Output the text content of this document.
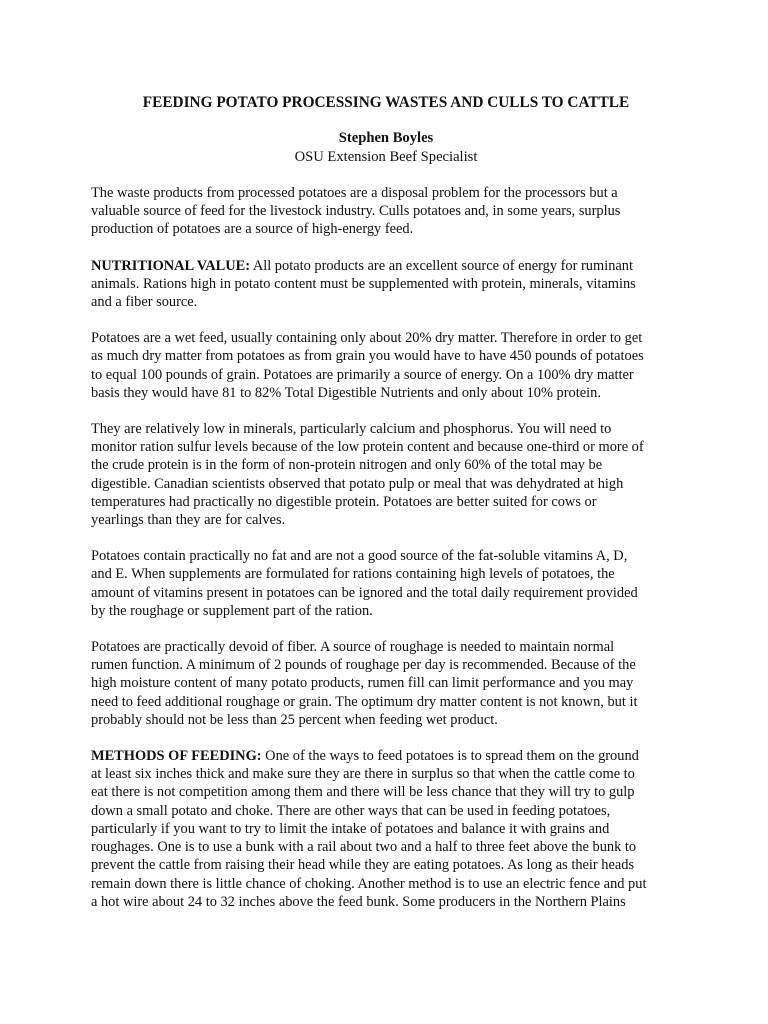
FEEDING POTATO PROCESSING WASTES AND CULLS TO CATTLE
Stephen Boyles
OSU Extension Beef Specialist

The waste products from processed potatoes are a disposal problem for the processors but a
valuable source of feed for the livestock industry. Culls potatoes and, in some years, surplus
production of potatoes are a source of high-energy feed.

NUTRITIONAL VALUE: All potato products are an excellent source of energy for ruminant
animals. Rations high in potato content must be supplemented with protein, minerals, vitamins
and a fiber source.

Potatoes are a wet feed, usually containing only about 20% dry matter. Therefore in order to get
as much dry matter from potatoes as from grain you would have to have 450 pounds of potatoes
to equal 100 pounds of grain. Potatoes are primarily a source of energy. On a 100% dry matter
basis they would have 81 to 82% Total Digestible Nutrients and only about 10% protein.

They are relatively low in minerals, particularly calcium and phosphorus. You will need to
monitor ration sulfur levels because of the low protein content and because one-third or more of
the crude protein is in the form of non-protein nitrogen and only 60% of the total may be
digestible. Canadian scientists observed that potato pulp or meal that was dehydrated at high
temperatures had practically no digestible protein. Potatoes are better suited for cows or
yearlings than they are for calves.

Potatoes contain practically no fat and are not a good source of the fat-soluble vitamins A, D,
and E. When supplements are formulated for rations containing high levels of potatoes, the
amount of vitamins present in potatoes can be ignored and the total daily requirement provided
by the roughage or supplement part of the ration.

Potatoes are practically devoid of fiber. A source of roughage is needed to maintain normal
rumen function. A minimum of 2 pounds of roughage per day is recommended. Because of the
high moisture content of many potato products, rumen fill can limit performance and you may
need to feed additional roughage or grain. The optimum dry matter content is not known, but it
probably should not be less than 25 percent when feeding wet product.

METHODS OF FEEDING: One of the ways to feed potatoes is to spread them on the ground
at least six inches thick and make sure they are there in surplus so that when the cattle come to
eat there is not competition among them and there will be less chance that they will try to gulp
down a small potato and choke. There are other ways that can be used in feeding potatoes,
particularly if you want to try to limit the intake of potatoes and balance it with grains and
roughages. One is to use a bunk with a rail about two and a half to three feet above the bunk to
prevent the cattle from raising their head while they are eating potatoes. As long as their heads
remain down there is little chance of choking. Another method is to use an electric fence and put
a hot wire about 24 to 32 inches above the feed bunk. Some producers in the Northern Plains
